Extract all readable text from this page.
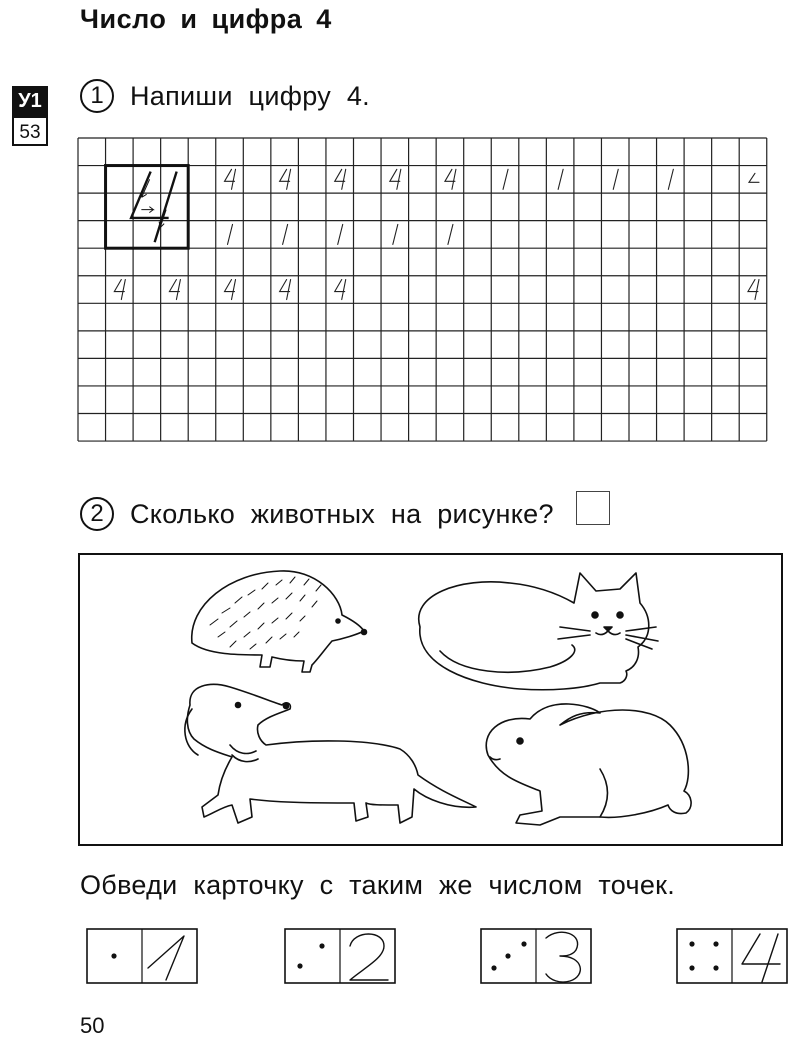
Число и цифра 4
У1
53
1 Напиши цифру 4.
2 Сколько животных на рисунке?
Обведи карточку с таким же числом точек.
50
